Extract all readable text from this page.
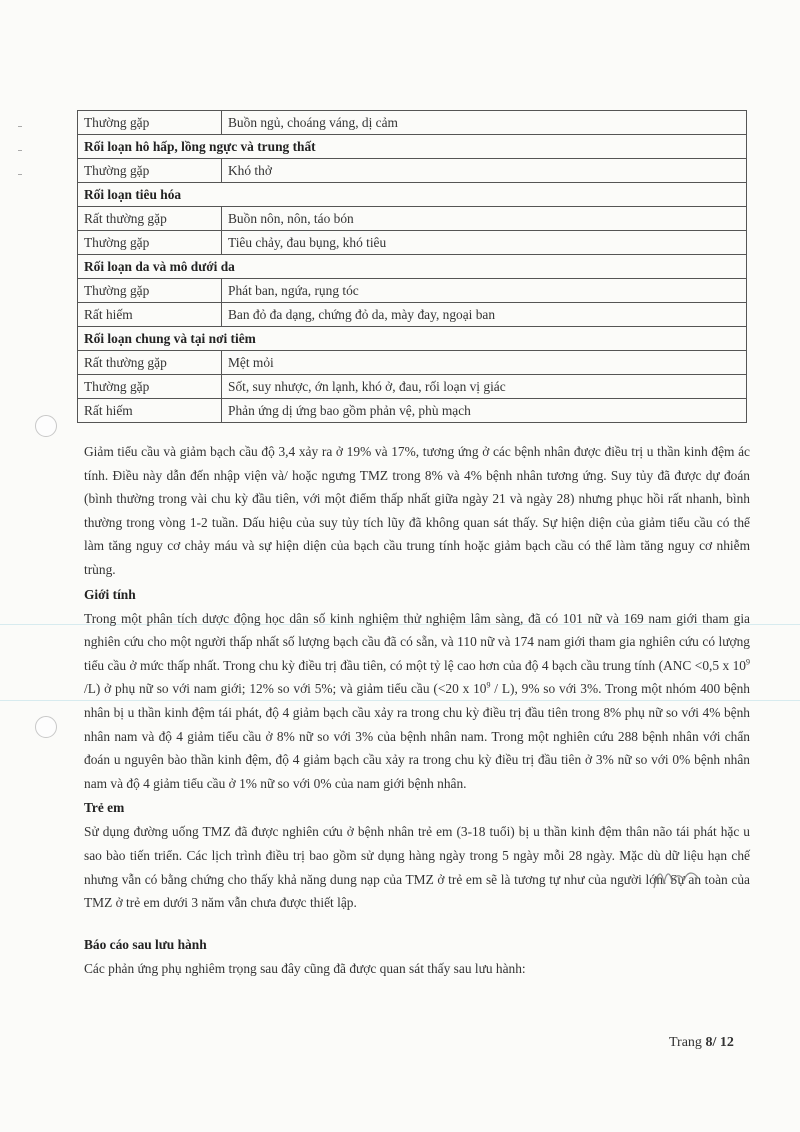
Thường gặp	Buồn ngủ, choáng váng, dị cảm
Rối loạn hô hấp, lồng ngực và trung thất	
Thường gặp	Khó thở
Rối loạn tiêu hóa	
Rất thường gặp	Buồn nôn, nôn, táo bón
Thường gặp	Tiêu chảy, đau bụng, khó tiêu
Rối loạn da và mô dưới da	
Thường gặp	Phát ban, ngứa, rụng tóc
Rất hiếm	Ban đỏ đa dạng, chứng đỏ da, mày đay, ngoại ban
Rối loạn chung và tại nơi tiêm	
Rất thường gặp	Mệt mỏi
Thường gặp	Sốt, suy nhược, ớn lạnh, khó ở, đau, rối loạn vị giác
Rất hiếm	Phản ứng dị ứng bao gồm phản vệ, phù mạch

Giảm tiểu cầu và giảm bạch cầu độ 3,4 xảy ra ở 19% và 17%, tương ứng ở các bệnh nhân được điều trị u thần kinh đệm ác tính. Điều này dẫn đến nhập viện và/ hoặc ngưng TMZ trong 8% và 4% bệnh nhân tương ứng. Suy tủy đã được dự đoán (bình thường trong vài chu kỳ đầu tiên, với một điểm thấp nhất giữa ngày 21 và ngày 28) nhưng phục hồi rất nhanh, bình thường trong vòng 1-2 tuần. Dấu hiệu của suy tủy tích lũy đã không quan sát thấy. Sự hiện diện của giảm tiểu cầu có thể làm tăng nguy cơ chảy máu và sự hiện diện của bạch cầu trung tính hoặc giảm bạch cầu có thể làm tăng nguy cơ nhiễm trùng.

Giới tính

Trong một phân tích dược động học dân số kinh nghiệm thử nghiệm lâm sàng, đã có 101 nữ và 169 nam giới tham gia nghiên cứu cho một người thấp nhất số lượng bạch cầu đã có sẵn, và 110 nữ và 174 nam giới tham gia nghiên cứu có lượng tiểu cầu ở mức thấp nhất. Trong chu kỳ điều trị đầu tiên, có một tỷ lệ cao hơn của độ 4 bạch cầu trung tính (ANC <0,5 x $10^9$ /L) ở phụ nữ so với nam giới; 12% so với 5%; và giảm tiểu cầu (<20 x $10^9 / L$), 9% so với 3%. Trong một nhóm 400 bệnh nhân bị u thần kinh đệm tái phát, độ 4 giảm bạch cầu xảy ra trong chu kỳ điều trị đầu tiên trong 8% phụ nữ so với 4% bệnh nhân nam và độ 4 giảm tiểu cầu ở 8% nữ so với 3% của bệnh nhân nam. Trong một nghiên cứu 288 bệnh nhân với chẩn đoán u nguyên bào thần kinh đệm, độ 4 giảm bạch cầu xảy ra trong chu kỳ điều trị đầu tiên ở 3% nữ so với 0% bệnh nhân nam và độ 4 giảm tiểu cầu ở 1% nữ so với 0% của nam giới bệnh nhân.

Trẻ em

Sử dụng đường uống TMZ đã được nghiên cứu ở bệnh nhân trẻ em (3-18 tuổi) bị u thần kinh đệm thân não tái phát hặc u sao bào tiến triển. Các lịch trình điều trị bao gồm sử dụng hàng ngày trong 5 ngày mỗi 28 ngày. Mặc dù dữ liệu hạn chế nhưng vẫn có bằng chứng cho thấy khả năng dung nạp của TMZ ở trẻ em sẽ là tương tự như của người lớn. Sự an toàn của TMZ ở trẻ em dưới 3 năm vẫn chưa được thiết lập.

Báo cáo sau lưu hành

Các phản ứng phụ nghiêm trọng sau đây cũng đã được quan sát thấy sau lưu hành:

Trang 8/ 12
